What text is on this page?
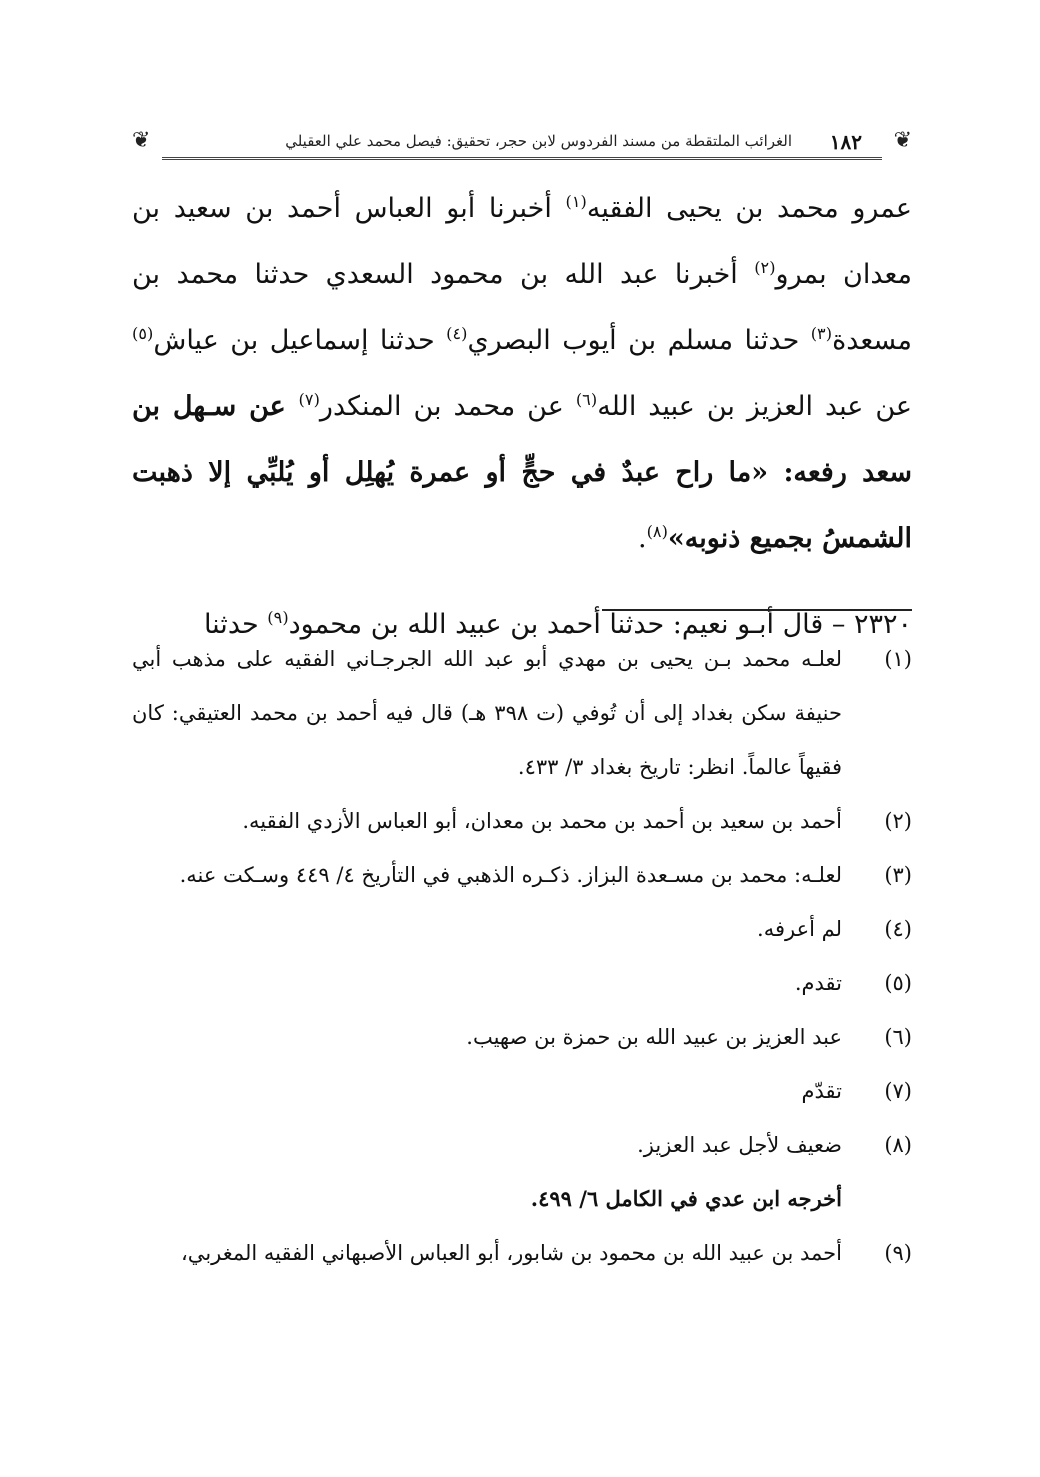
❦
١٨٢
الغرائب الملتقطة من مسند الفردوس لابن حجر، تحقيق: فيصل محمد علي العقيلي
❦
عمرو محمد بن يحيى الفقيه$^{(١)}$ أخبرنا أبو العباس أحمد بن سعيد بن معدان بمرو$^{(٢)}$ أخبرنا عبد الله بن محمود السعدي حدثنا محمد بن مسعدة$^{(٣)}$ حدثنا مسلم بن أيوب البصري$^{(٤)}$ حدثنا إسماعيل بن عياش$^{(٥)}$ عن عبد العزيز بن عبيد الله$^{(٦)}$ عن محمد بن المنكدر$^{(٧)}$ عن سـهل بن سعد رفعه: «ما راح عبدٌ في حجٍّ أو عمرة يُهلِل أو يُلبِّي إلا ذهبت الشمسُ بجميع ذنوبه»$^{(٨)}$.
٢٣٢٠ – قال أبـو نعيم: حدثنا أحمد بن عبيد الله بن محمود$^{(٩)}$ حدثنا
(١)
لعلـه محمد بـن يحيى بن مهدي أبو عبد الله الجرجـاني الفقيه على مذهب أبي حنيفة سكن بغداد إلى أن تُوفي (ت ٣٩٨ هـ) قال فيه أحمد بن محمد العتيقي: كان فقيهاً عالماً. انظر: تاريخ بغداد ٣/ ٤٣٣.
(٢)
أحمد بن سعيد بن أحمد بن محمد بن معدان، أبو العباس الأزدي الفقيه.
(٣)
لعلـه: محمد بن مسـعدة البزاز. ذكـره الذهبي في التأريخ ٤/ ٤٤٩ وسـكت عنه.
(٤)
لم أعرفه.
(٥)
تقدم.
(٦)
عبد العزيز بن عبيد الله بن حمزة بن صهيب.
(٧)
تقدّم
(٨)
ضعيف لأجل عبد العزيز.
أخرجه ابن عدي في الكامل ٦/ ٤٩٩.
(٩)
أحمد بن عبيد الله بن محمود بن شابور، أبو العباس الأصبهاني الفقيه المغربي،
